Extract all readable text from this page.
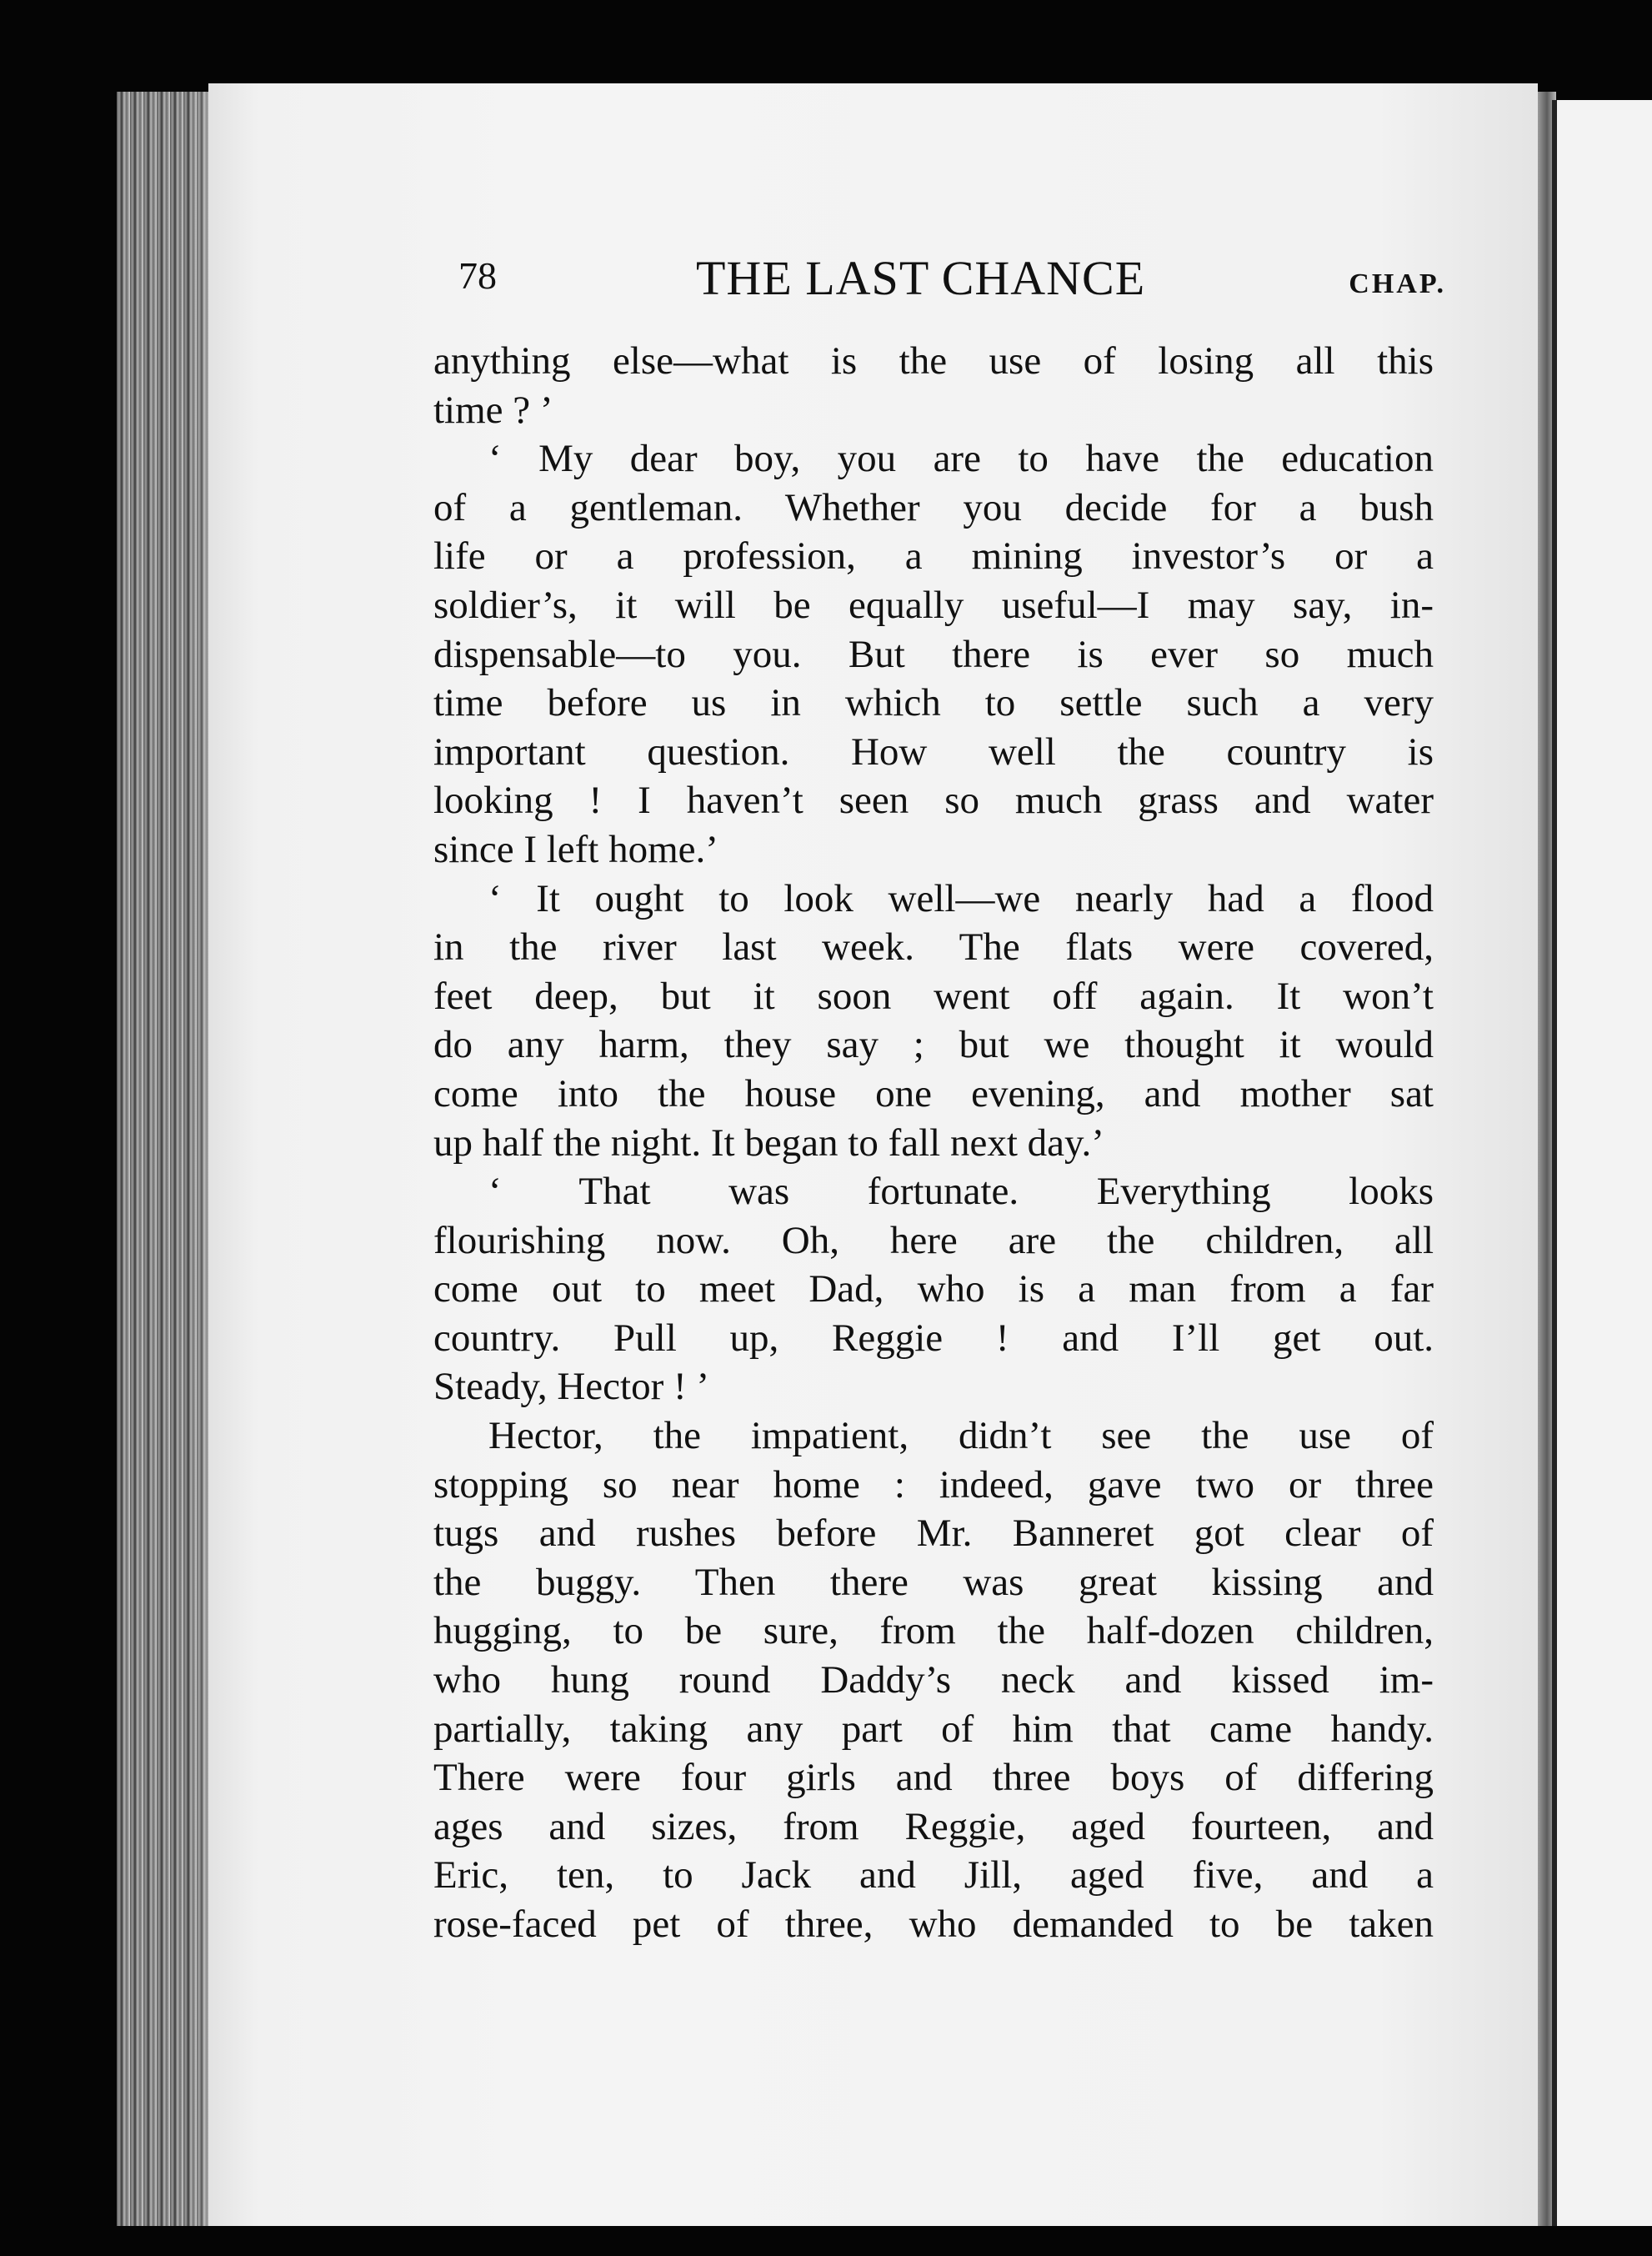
78	THE LAST CHANCE	CHAP.
anything else—what is the use of losing all this
time ? ’
‘ My dear boy, you are to have the education
of a gentleman. Whether you decide for a bush
life or a profession, a mining investor’s or a
soldier’s, it will be equally useful—I may say, in-
dispensable—to you. But there is ever so much
time before us in which to settle such a very
important question. How well the country is
looking ! I haven’t seen so much grass and water
since I left home.’
‘ It ought to look well—we nearly had a flood
in the river last week. The flats were covered,
feet deep, but it soon went off again. It won’t
do any harm, they say ; but we thought it would
come into the house one evening, and mother sat
up half the night. It began to fall next day.’
‘ That was fortunate. Everything looks
flourishing now. Oh, here are the children, all
come out to meet Dad, who is a man from a far
country. Pull up, Reggie ! and I’ll get out.
Steady, Hector ! ’
Hector, the impatient, didn’t see the use of
stopping so near home : indeed, gave two or three
tugs and rushes before Mr. Banneret got clear of
the buggy. Then there was great kissing and
hugging, to be sure, from the half-dozen children,
who hung round Daddy’s neck and kissed im-
partially, taking any part of him that came handy.
There were four girls and three boys of differing
ages and sizes, from Reggie, aged fourteen, and
Eric, ten, to Jack and Jill, aged five, and a
rose-faced pet of three, who demanded to be taken
